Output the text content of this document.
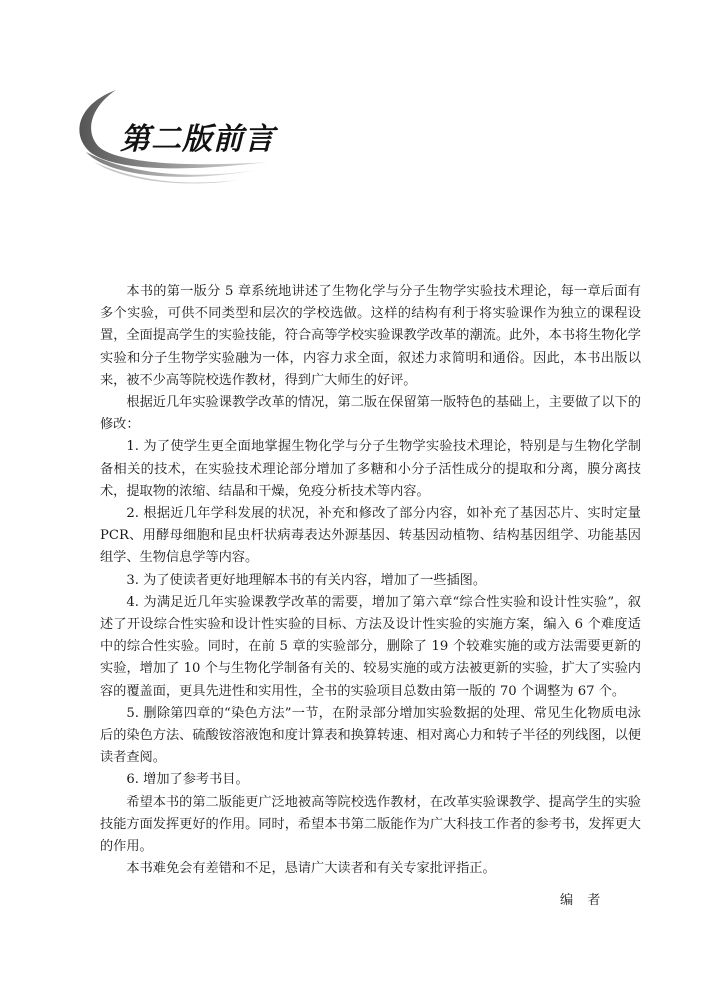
第二版前言

本书的第一版分 5 章系统地讲述了生物化学与分子生物学实验技术理论，每一章后面有多个实验，可供不同类型和层次的学校选做。这样的结构有利于将实验课作为独立的课程设置，全面提高学生的实验技能，符合高等学校实验课教学改革的潮流。此外，本书将生物化学实验和分子生物学实验融为一体，内容力求全面，叙述力求简明和通俗。因此，本书出版以来，被不少高等院校选作教材，得到广大师生的好评。

根据近几年实验课教学改革的情况，第二版在保留第一版特色的基础上，主要做了以下的修改：

1. 为了使学生更全面地掌握生物化学与分子生物学实验技术理论，特别是与生物化学制备相关的技术，在实验技术理论部分增加了多糖和小分子活性成分的提取和分离，膜分离技术，提取物的浓缩、结晶和干燥，免疫分析技术等内容。

2. 根据近几年学科发展的状况，补充和修改了部分内容，如补充了基因芯片、实时定量 PCR、用酵母细胞和昆虫杆状病毒表达外源基因、转基因动植物、结构基因组学、功能基因组学、生物信息学等内容。

3. 为了使读者更好地理解本书的有关内容，增加了一些插图。

4. 为满足近几年实验课教学改革的需要，增加了第六章“综合性实验和设计性实验”，叙述了开设综合性实验和设计性实验的目标、方法及设计性实验的实施方案，编入 6 个难度适中的综合性实验。同时，在前 5 章的实验部分，删除了 19 个较难实施的或方法需要更新的实验，增加了 10 个与生物化学制备有关的、较易实施的或方法被更新的实验，扩大了实验内容的覆盖面，更具先进性和实用性，全书的实验项目总数由第一版的 70 个调整为 67 个。

5. 删除第四章的“染色方法”一节，在附录部分增加实验数据的处理、常见生化物质电泳后的染色方法、硫酸铵溶液饱和度计算表和换算转速、相对离心力和转子半径的列线图，以便读者查阅。

6. 增加了参考书目。

希望本书的第二版能更广泛地被高等院校选作教材，在改革实验课教学、提高学生的实验技能方面发挥更好的作用。同时，希望本书第二版能作为广大科技工作者的参考书，发挥更大的作用。

本书难免会有差错和不足，恳请广大读者和有关专家批评指正。

编者
